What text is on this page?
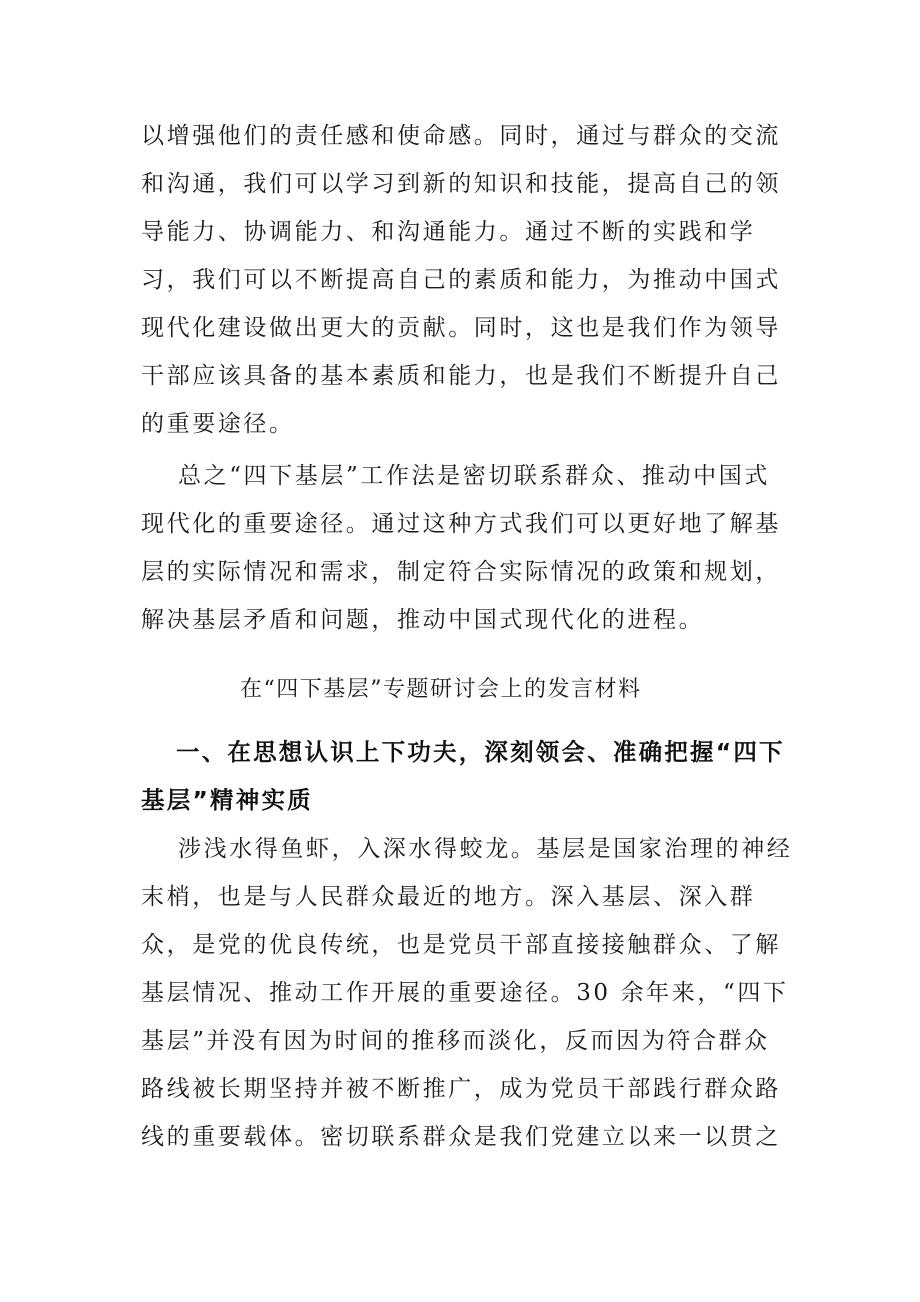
以增强他们的责任感和使命感。同时，通过与群众的交流
和沟通，我们可以学习到新的知识和技能，提高自己的领
导能力、协调能力、和沟通能力。通过不断的实践和学
习，我们可以不断提高自己的素质和能力，为推动中国式
现代化建设做出更大的贡献。同时，这也是我们作为领导
干部应该具备的基本素质和能力，也是我们不断提升自己
的重要途径。
总之“四下基层”工作法是密切联系群众、推动中国式
现代化的重要途径。通过这种方式我们可以更好地了解基
层的实际情况和需求，制定符合实际情况的政策和规划，
解决基层矛盾和问题，推动中国式现代化的进程。
在“四下基层”专题研讨会上的发言材料
一、在思想认识上下功夫，深刻领会、准确把握“四下
基层”精神实质
涉浅水得鱼虾，入深水得蛟龙。基层是国家治理的神经
末梢，也是与人民群众最近的地方。深入基层、深入群
众，是党的优良传统，也是党员干部直接接触群众、了解
基层情况、推动工作开展的重要途径。30 余年来，“四下
基层”并没有因为时间的推移而淡化，反而因为符合群众
路线被长期坚持并被不断推广，成为党员干部践行群众路
线的重要载体。密切联系群众是我们党建立以来一以贯之
